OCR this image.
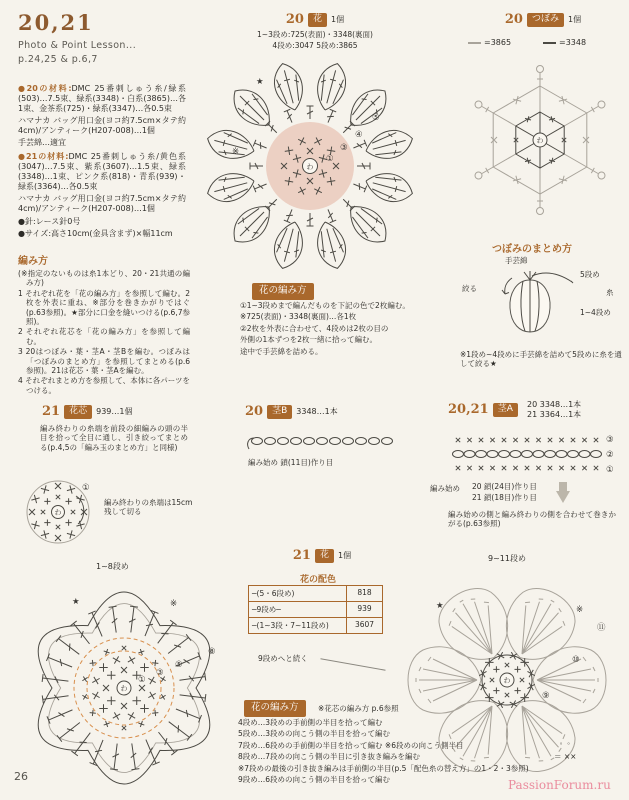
20,21
Photo & Point Lesson...
p.24,25 & p.6,7

●20の材料:DMC 25番刺しゅう糸/緑系(503)…7.5束、緑系(3348)・白系(3865)…各1束、金茶系(725)・緑系(3347)…各0.5束

ハマナカ バッグ用口金(ヨコ約7.5cm×タテ約4cm)/アンティーク(H207-008)…1個

手芸綿…適宜

●21の材料:DMC 25番刺しゅう糸/黄色系(3047)…7.5束、紫系(3607)…1.5束、緑系(3348)…1束、ピンク系(818)・青系(939)・緑系(3364)…各0.5束

ハマナカ バッグ用口金(ヨコ約7.5cm×タテ約4cm)/アンティーク(H207-008)…1個

●針:レース針0号

●サイズ:高さ10cm(金具含まず)×幅11cm

編み方

(※指定のないものは糸1本どり、20・21共通の編み方)

1 それぞれ花を「花の編み方」を参照して編む。2枚を外表に重ね、※部分を巻きかがりではぐ(p.63参照)。★部分に口金を縫いつける(p.6,7参照)。

2 それぞれ花芯を「花の編み方」を参照して編む。

3 20はつぼみ・葉・茎A・茎Bを編む。つぼみは「つぼみのまとめ方」を参照してまとめる(p.6参照)。21は花芯・葉・茎Aを編む。

4 それぞれまとめ方を参照して、本体に各パーツをつける。

20	花	1個
1~3段め:725(表面)・3348(裏面)
4段め:3047 5段め:3865
わ
①
③
④
⑤
★
※
花の編み方

①1~3段めまで編んだものを下記の色で2枚編む。

※725(表面)・3348(裏面)…各1枚

②2枚を外表に合わせて、4段めは2枚の目の

外側の1本ずつを2枚一緒に拾って編む。

途中で手芸綿を詰める。

20	つぼみ	1個
=3865	=3348
わ
つぼみのまとめ方
手芸綿
絞る
5段め
糸
1~4段め
※1段め~4段めに手芸綿を詰めて5段めに糸を通して絞る★
21	花芯	939…1個
編み終わりの糸端を前段の細編みの頭の半目を拾って全目に通し、引き絞ってまとめる(p.4,5の「編み玉のまとめ方」と同様)
わ
①
編み終わりの糸端は15cm残して切る
20	茎B	3348…1本
編み始め 鎖(11目)作り目
20,21	茎A	20 3348…1本
21 3364…1本
③
②
①
編み始め 20 鎖(24目)作り目
21 鎖(18目)作り目
編み始めの側と編み終わりの側を合わせて巻きかがる(p.63参照)
21	花	1個
花の配色
─(5・6段め)	818
─9段め─	939
─(1~3段・7~11段め)	3607
1~8段め
わ
①
③
⑤
⑧
★	※
9段めへと続く
9~11段め
わ
⑨
⑩
⑪
★	※
花の編み方	※花芯の編み方 p.6参照

4段め…3段めの手前側の半目を拾って編む

5段め…3段めの向こう側の半目を拾って編む

7段め…6段めの手前側の半目を拾って編む ※6段めの向こう側半目

8段め…7段めの向こう側の半目に引き抜き編みを編む

※7段めの最後の引き抜き編みは手前側の半目(p.5「配色糸の替え方」の1・2・3参照)

9段め…6段めの向こう側の半目を拾って編む

゜゜
＝ ××
26
PassionForum.ru
